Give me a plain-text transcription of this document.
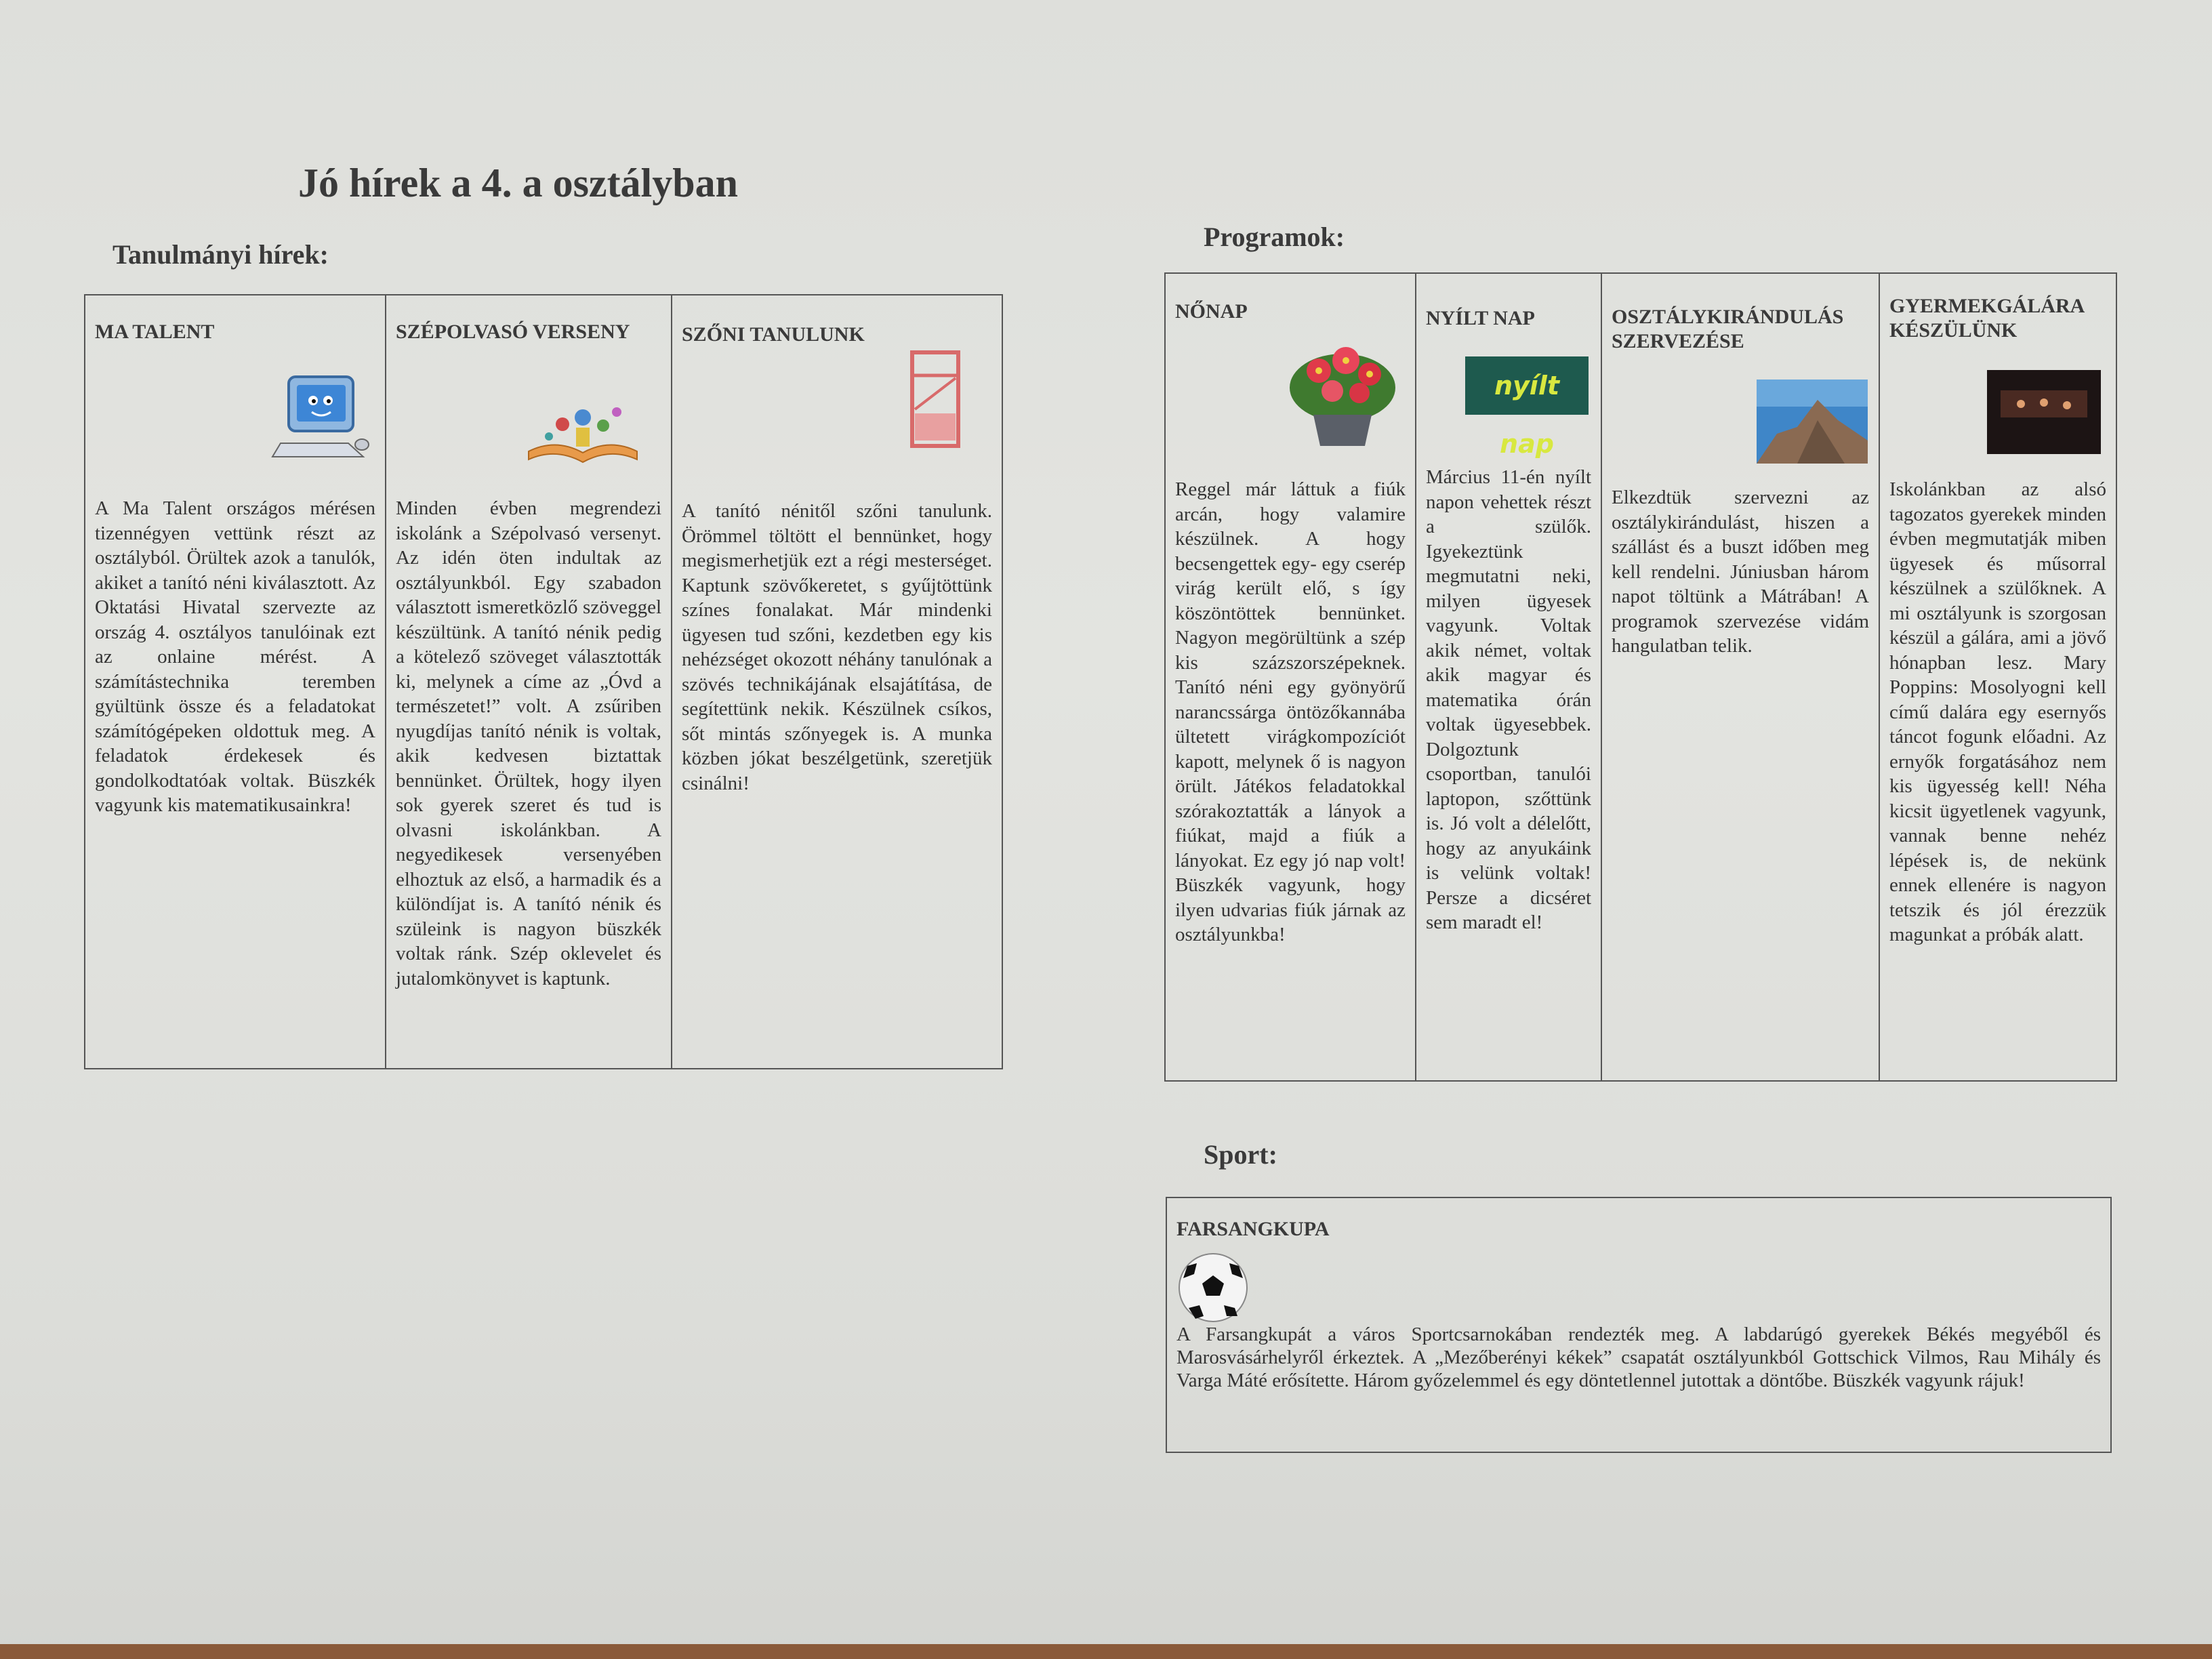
Jó hírek a 4. a osztályban
Tanulmányi hírek:
MA TALENT
A Ma Talent országos mérésen tizennégyen vettünk részt az osztályból. Örültek azok a tanulók, akiket a tanító néni kiválasztott. Az Oktatási Hivatal szervezte az ország 4. osztályos tanulóinak ezt az onlaine mérést. A számítástechnika teremben gyültünk össze és a feladatokat számítógépeken oldottuk meg. A feladatok érdekesek és gondolkodtatóak voltak. Büszkék vagyunk kis matematikusainkra!

SZÉPOLVASÓ VERSENY
Minden évben megrendezi iskolánk a Szépolvasó versenyt. Az idén öten indultak az osztályunkból. Egy szabadon választott ismeretközlő szöveggel készültünk. A tanító nénik pedig a kötelező szöveget választották ki, melynek a címe az „Óvd a természetet!” volt. A zsűriben nyugdíjas tanító nénik is voltak, akik kedvesen biztattak bennünket. Örültek, hogy ilyen sok gyerek szeret és tud is olvasni iskolánkban. A negyedikesek versenyében elhoztuk az első, a harmadik és a különdíjat is. A tanító nénik és szüleink is nagyon büszkék voltak ránk. Szép oklevelet és jutalomkönyvet is kaptunk.

SZŐNI TANULUNK
A tanító nénitől szőni tanulunk. Örömmel töltött el bennünket, hogy megismerhetjük ezt a régi mesterséget. Kaptunk szövőkeretet, s gyűjtöttünk színes fonalakat. Már mindenki ügyesen tud szőni, kezdetben egy kis nehézséget okozott néhány tanulónak a szövés technikájának elsajátítása, de segítettünk nekik. Készülnek csíkos, sőt mintás szőnyegek is. A munka közben jókat beszélgetünk, szeretjük csinálni!
Programok:
NŐNAP
Reggel már láttuk a fiúk arcán, hogy valamire készülnek. A hogy becsengettek egy- egy cserép virág került elő, s így köszöntöttek bennünket. Nagyon megörültünk a szép kis százszorszépeknek. Tanító néni egy gyönyörű narancssárga öntözőkannába ültetett virágkompozíciót kapott, melynek ő is nagyon örült. Játékos feladatokkal szórakoztatták a lányok a fiúkat, majd a fiúk a lányokat. Ez egy jó nap volt! Büszkék vagyunk, hogy ilyen udvarias fiúk járnak az osztályunkba!

NYÍLT NAP
nyílt nap
Március 11-én nyílt napon vehettek részt a szülők. Igyekeztünk megmutatni neki, milyen ügyesek vagyunk. Voltak akik német, voltak akik magyar és matematika órán voltak ügyesebbek. Dolgoztunk csoportban, tanulói laptopon, szőttünk is. Jó volt a délelőtt, hogy az anyukáink is velünk voltak! Persze a dicséret sem maradt el!

OSZTÁLYKIRÁNDULÁS SZERVEZÉSE
Elkezdtük szervezni az osztálykirándulást, hiszen a szállást és a buszt időben meg kell rendelni. Júniusban három napot töltünk a Mátrában! A programok szervezése vidám hangulatban telik.

GYERMEKGÁLÁRA KÉSZÜLÜNK
Iskolánkban az alsó tagozatos gyerekek minden évben megmutatják miben ügyesek és műsorral készülnek a szülőknek. A mi osztályunk is szorgosan készül a gálára, ami a jövő hónapban lesz. Mary Poppins: Mosolyogni kell című dalára egy esernyős táncot fogunk előadni. Az ernyők forgatásához nem kis ügyesség kell! Néha kicsit ügyetlenek vagyunk, vannak benne nehéz lépések is, de nekünk ennek ellenére is nagyon tetszik és jól érezzük magunkat a próbák alatt.
Sport:
FARSANGKUPA
A Farsangkupát a város Sportcsarnokában rendezték meg. A labdarúgó gyerekek Békés megyéből és Marosvásárhelyről érkeztek. A „Mezőberényi kékek” csapatát osztályunkból Gottschick Vilmos, Rau Mihály és Varga Máté erősítette. Három győzelemmel és egy döntetlennel jutottak a döntőbe. Büszkék vagyunk rájuk!
